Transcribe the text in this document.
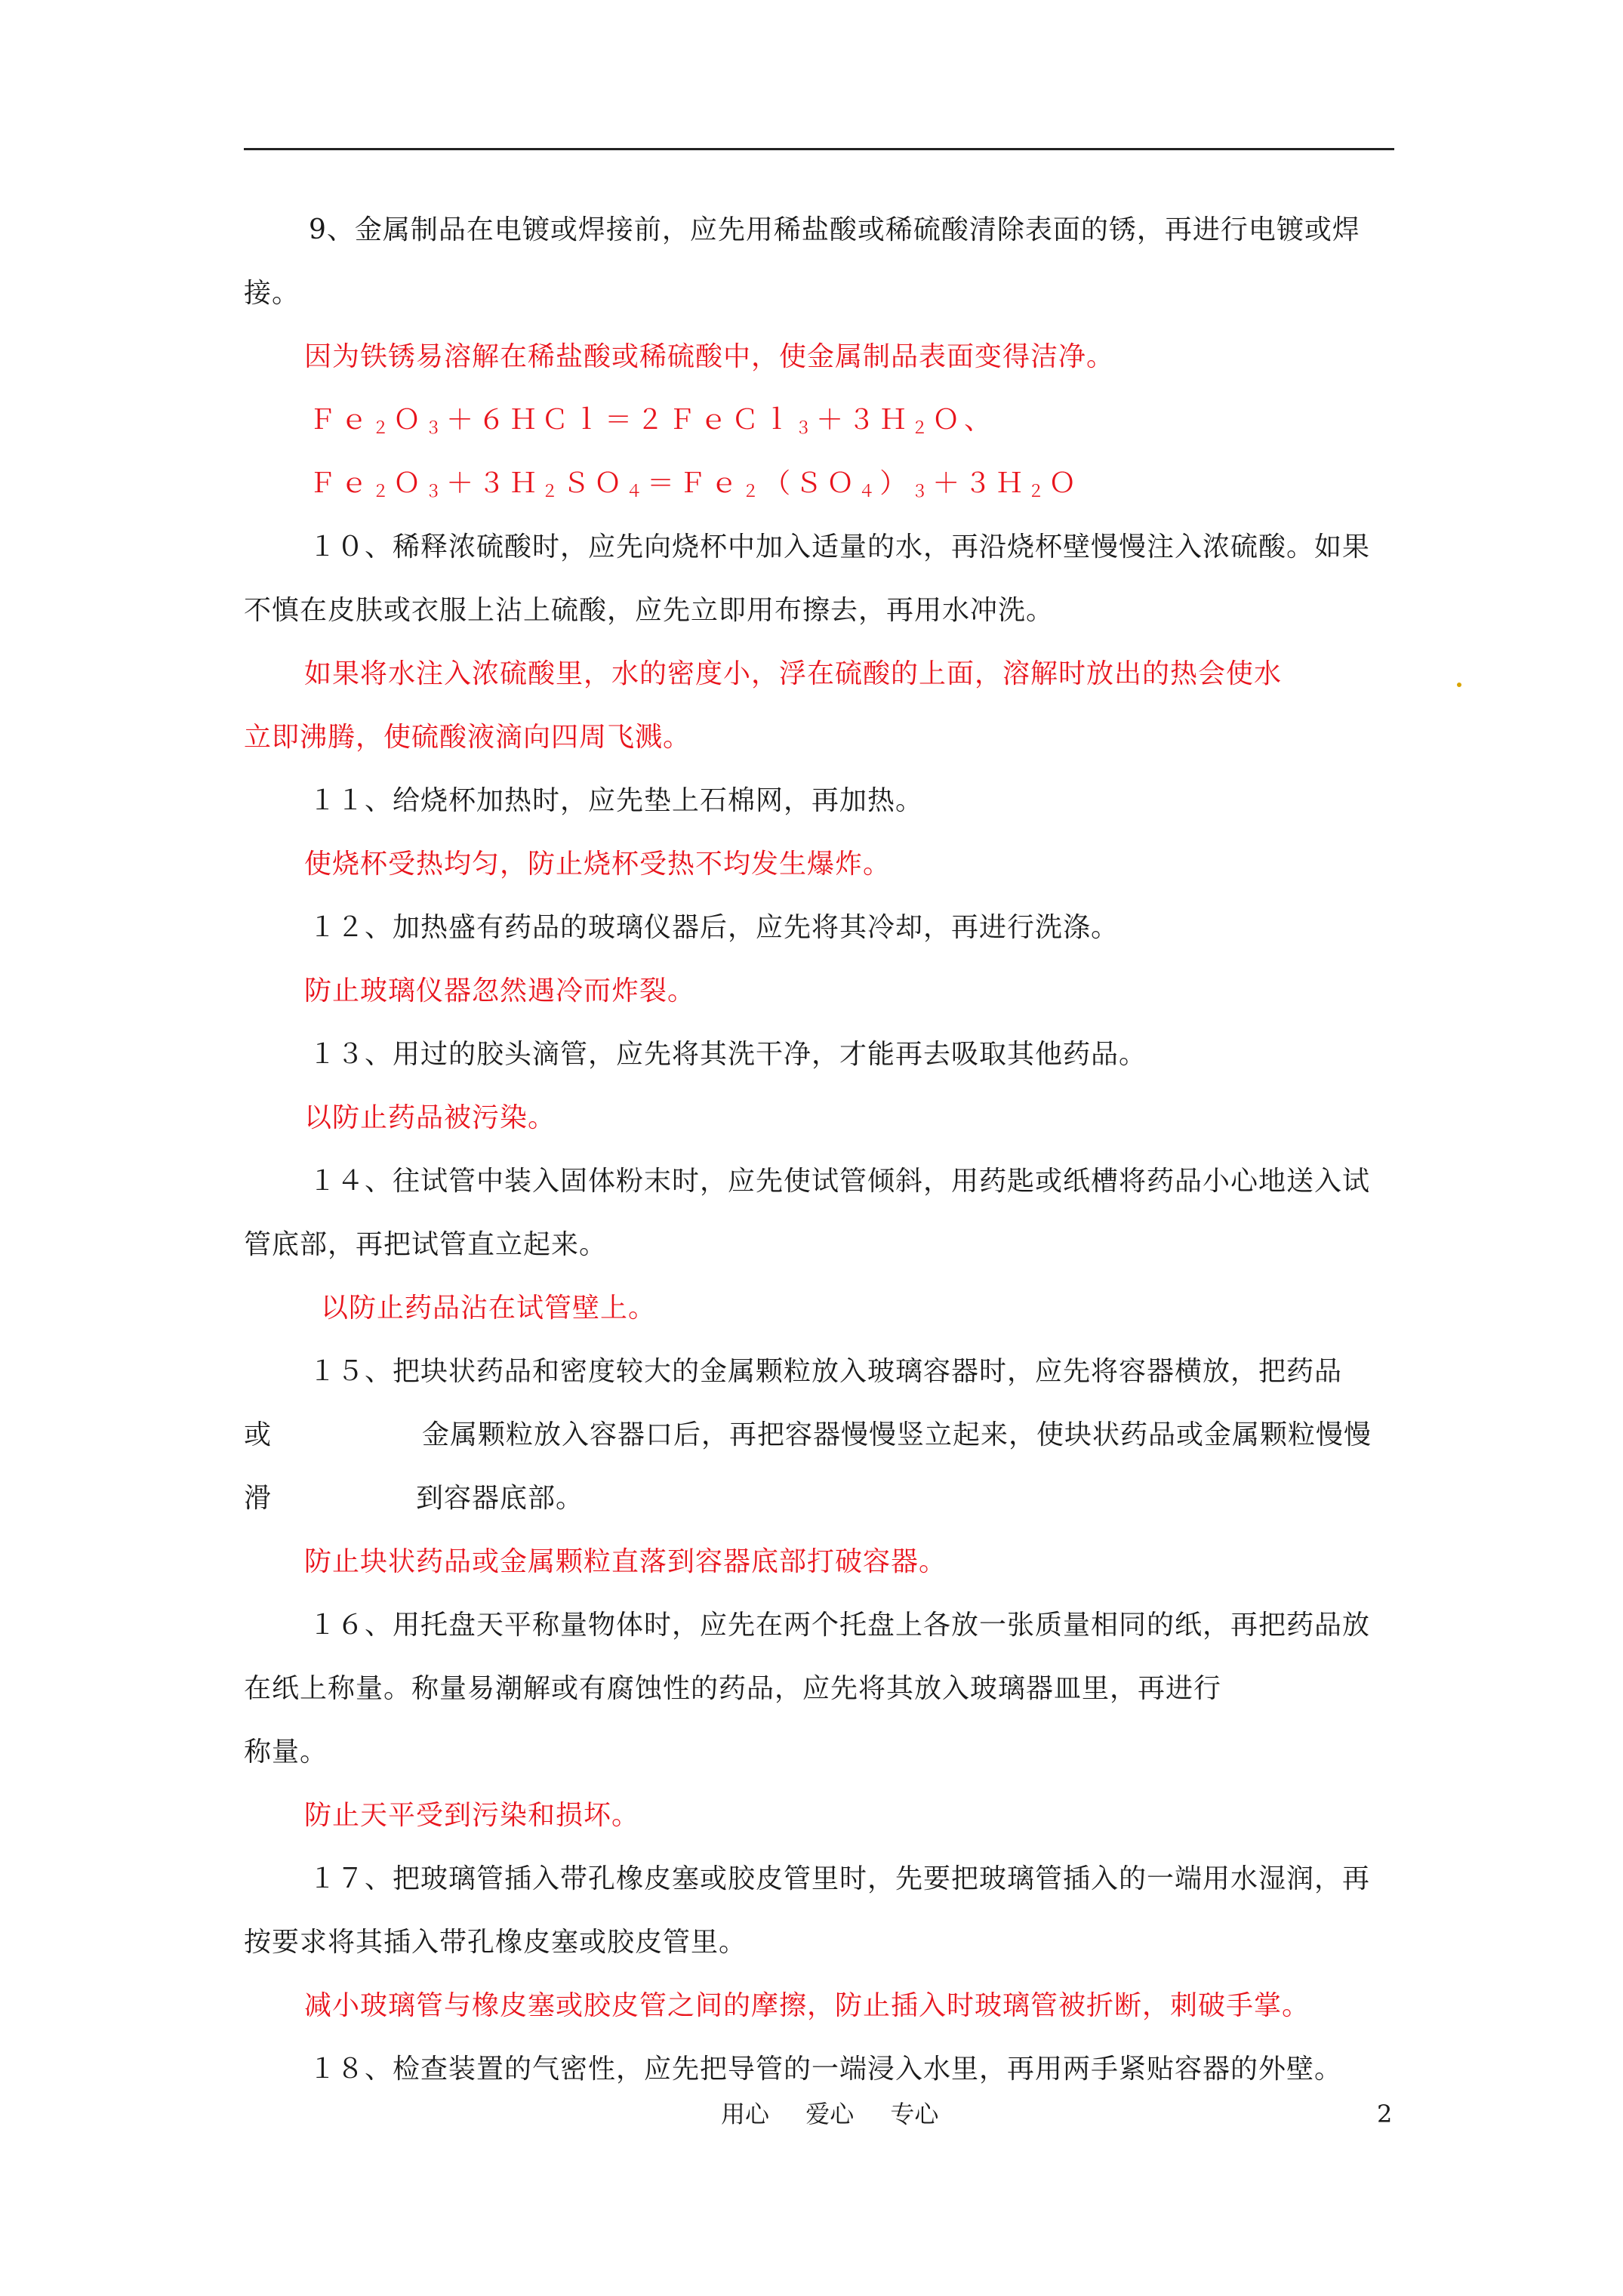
9、金属制品在电镀或焊接前，应先用稀盐酸或稀硫酸清除表面的锈，再进行电镀或焊
接。
因为铁锈易溶解在稀盐酸或稀硫酸中，使金属制品表面变得洁净。
Ｆｅ$_2$Ｏ$_3$＋６ＨＣｌ＝２ＦｅＣｌ$_3$＋３Ｈ$_2$Ｏ、
$Fe_2O_3+3H_2SO_4=Fe_2(SO_4)_3+3H_2O$
１０、稀释浓硫酸时，应先向烧杯中加入适量的水，再沿烧杯壁慢慢注入浓硫酸。如果
不慎在皮肤或衣服上沾上硫酸，应先立即用布擦去，再用水冲洗。
如果将水注入浓硫酸里，水的密度小，浮在硫酸的上面，溶解时放出的热会使水
立即沸腾，使硫酸液滴向四周飞溅。
１１、给烧杯加热时，应先垫上石棉网，再加热。
使烧杯受热均匀，防止烧杯受热不均发生爆炸。
１２、加热盛有药品的玻璃仪器后，应先将其冷却，再进行洗涤。
防止玻璃仪器忽然遇冷而炸裂。
１３、用过的胶头滴管，应先将其洗干净，才能再去吸取其他药品。
以防止药品被污染。
１４、往试管中装入固体粉末时，应先使试管倾斜，用药匙或纸槽将药品小心地送入试
管底部，再把试管直立起来。
以防止药品沾在试管壁上。
１５、把块状药品和密度较大的金属颗粒放入玻璃容器时，应先将容器横放，把药品
或	金属颗粒放入容器口后，再把容器慢慢竖立起来，使块状药品或金属颗粒慢慢
滑	到容器底部。
防止块状药品或金属颗粒直落到容器底部打破容器。
１６、用托盘天平称量物体时，应先在两个托盘上各放一张质量相同的纸，再把药品放
在纸上称量。称量易潮解或有腐蚀性的药品，应先将其放入玻璃器皿里，再进行
称量。
防止天平受到污染和损坏。
１７、把玻璃管插入带孔橡皮塞或胶皮管里时，先要把玻璃管插入的一端用水湿润，再
按要求将其插入带孔橡皮塞或胶皮管里。
减小玻璃管与橡皮塞或胶皮管之间的摩擦，防止插入时玻璃管被折断，刺破手掌。
１８、检查装置的气密性，应先把导管的一端浸入水里，再用两手紧贴容器的外壁。
用心 爱心 专心	2
